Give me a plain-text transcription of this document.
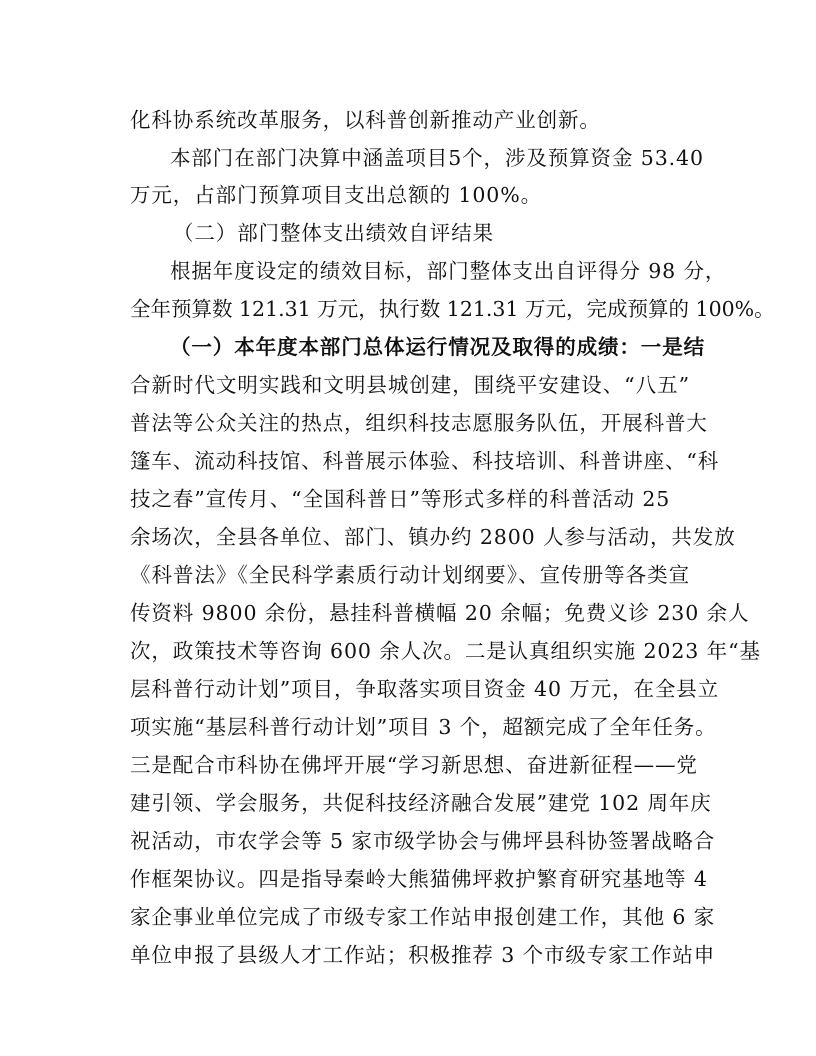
化科协系统改革服务，以科普创新推动产业创新。
本部门在部门决算中涵盖项目5个，涉及预算资金 53.40
万元，占部门预算项目支出总额的 100%。
（二）部门整体支出绩效自评结果
根据年度设定的绩效目标，部门整体支出自评得分 98 分，
全年预算数 121.31 万元，执行数 121.31 万元，完成预算的 100%。
（一）本年度本部门总体运行情况及取得的成绩：一是结
合新时代文明实践和文明县城创建，围绕平安建设、“八五”
普法等公众关注的热点，组织科技志愿服务队伍，开展科普大
篷车、流动科技馆、科普展示体验、科技培训、科普讲座、“科
技之春”宣传月、“全国科普日”等形式多样的科普活动 25
余场次，全县各单位、部门、镇办约 2800 人参与活动，共发放
《科普法》《全民科学素质行动计划纲要》、宣传册等各类宣
传资料 9800 余份，悬挂科普横幅 20 余幅；免费义诊 230 余人
次，政策技术等咨询 600 余人次。二是认真组织实施 2023 年“基
层科普行动计划”项目，争取落实项目资金 40 万元，在全县立
项实施“基层科普行动计划”项目 3 个，超额完成了全年任务。
三是配合市科协在佛坪开展“学习新思想、奋进新征程——党
建引领、学会服务，共促科技经济融合发展”建党 102 周年庆
祝活动，市农学会等 5 家市级学协会与佛坪县科协签署战略合
作框架协议。四是指导秦岭大熊猫佛坪救护繁育研究基地等 4
家企事业单位完成了市级专家工作站申报创建工作，其他 6 家
单位申报了县级人才工作站；积极推荐 3 个市级专家工作站申
